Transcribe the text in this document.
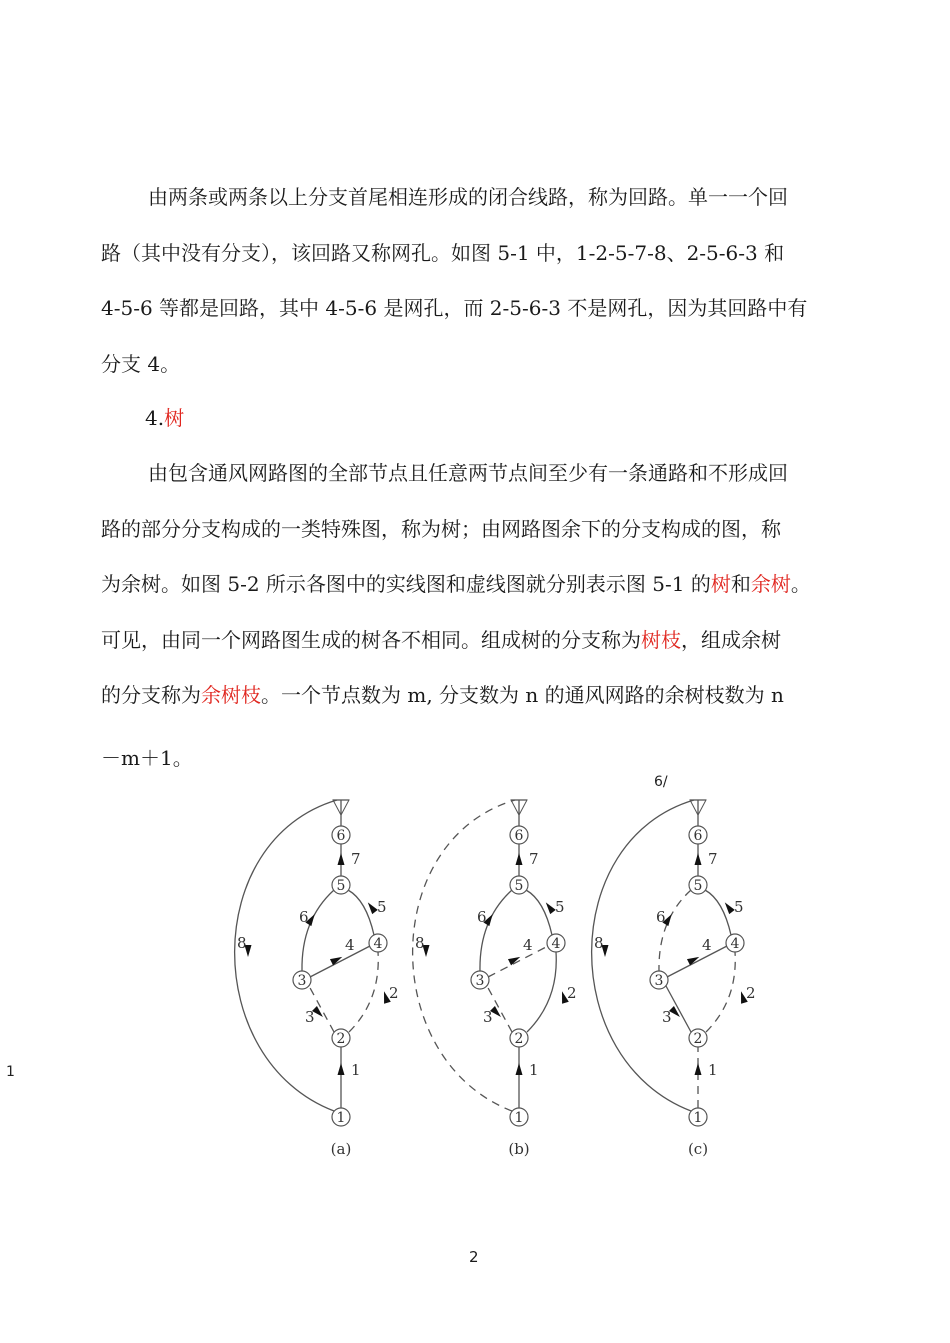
由两条或两条以上分支首尾相连形成的闭合线路，称为回路。单一一个回
路（其中没有分支），该回路又称网孔。如图 5-1 中，1-2-5-7-8、2-5-6-3 和
4-5-6 等都是回路，其中 4-5-6 是网孔，而 2-5-6-3 不是网孔，因为其回路中有
分支 4。

4.树

由包含通风网路图的全部节点且任意两节点间至少有一条通路和不形成回
路的部分分支构成的一类特殊图，称为树；由网路图余下的分支构成的图，称
为余树。如图 5-2 所示各图中的实线图和虚线图就分别表示图 5-1 的树和余树。
可见，由同一个网路图生成的树各不相同。组成树的分支称为树枝，组成余树
的分支称为余树枝。一个节点数为 m, 分支数为 n 的通风网路的余树枝数为 n

－m＋1。

6/
1
1
2
3
4
5
6
1
2
3
4
5
6
7
8
(a)
1
2
3
4
5
6
1
2
3
4
5
6
7
8
(b)
1
2
3
4
5
6
1
2
3
4
5
6
7
8
(c)
2
